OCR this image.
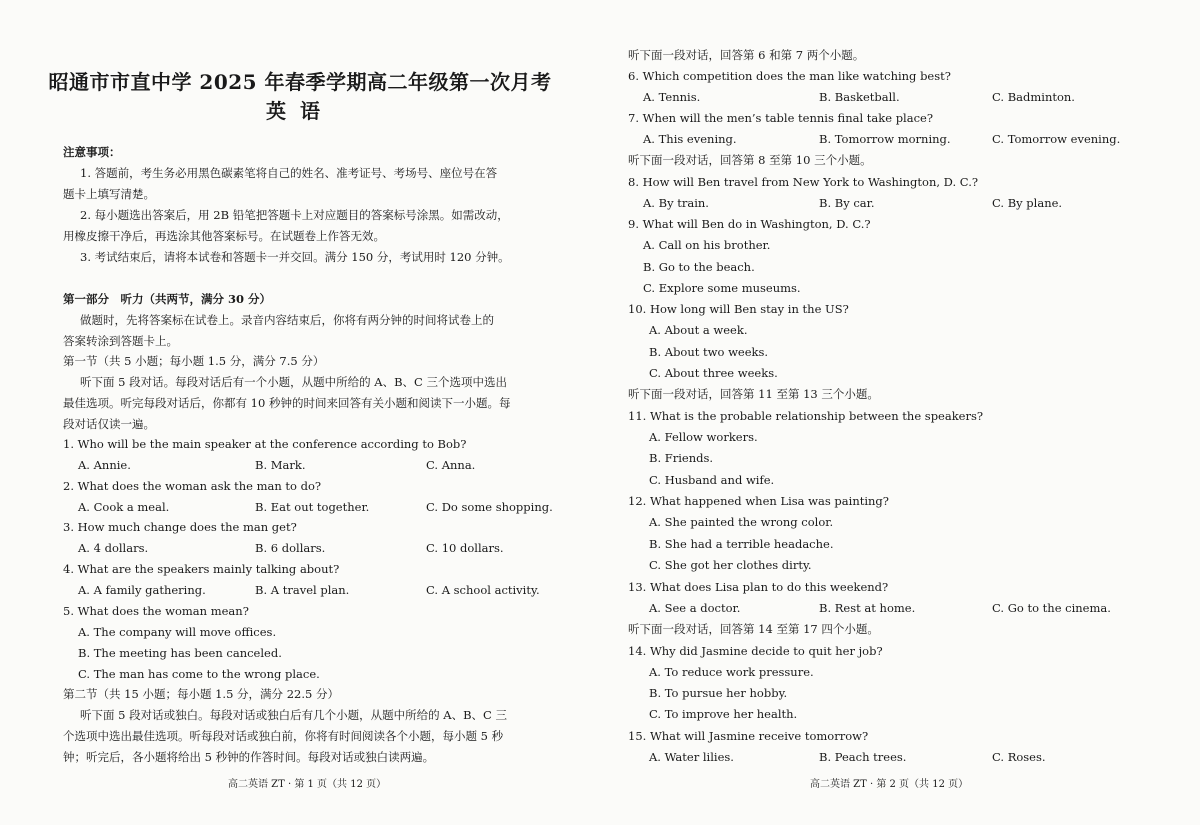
昭通市市直中学 2025 年春季学期高二年级第一次月考
英语
注意事项：
1. 答题前，考生务必用黑色碳素笔将自己的姓名、准考证号、考场号、座位号在答
题卡上填写清楚。
2. 每小题选出答案后，用 2B 铅笔把答题卡上对应题目的答案标号涂黑。如需改动，
用橡皮擦干净后，再选涂其他答案标号。在试题卷上作答无效。
3. 考试结束后，请将本试卷和答题卡一并交回。满分 150 分，考试用时 120 分钟。
第一部分　听力（共两节，满分 30 分）
做题时，先将答案标在试卷上。录音内容结束后，你将有两分钟的时间将试卷上的
答案转涂到答题卡上。
第一节（共 5 小题；每小题 1.5 分，满分 7.5 分）
听下面 5 段对话。每段对话后有一个小题，从题中所给的 A、B、C 三个选项中选出
最佳选项。听完每段对话后，你都有 10 秒钟的时间来回答有关小题和阅读下一小题。每
段对话仅读一遍。
1. Who will be the main speaker at the conference according to Bob?
A. Annie.	B. Mark.	C. Anna.
2. What does the woman ask the man to do?
A. Cook a meal.	B. Eat out together.	C. Do some shopping.
3. How much change does the man get?
A. 4 dollars.	B. 6 dollars.	C. 10 dollars.
4. What are the speakers mainly talking about?
A. A family gathering.	B. A travel plan.	C. A school activity.
5. What does the woman mean?
A. The company will move offices.
B. The meeting has been canceled.
C. The man has come to the wrong place.
第二节（共 15 小题；每小题 1.5 分，满分 22.5 分）
听下面 5 段对话或独白。每段对话或独白后有几个小题，从题中所给的 A、B、C 三
个选项中选出最佳选项。听每段对话或独白前，你将有时间阅读各个小题，每小题 5 秒
钟；听完后，各小题将给出 5 秒钟的作答时间。每段对话或独白读两遍。
高二英语 ZT · 第 1 页（共 12 页）
听下面一段对话，回答第 6 和第 7 两个小题。
6. Which competition does the man like watching best?
A. Tennis.	B. Basketball.	C. Badminton.
7. When will the men’s table tennis final take place?
A. This evening.	B. Tomorrow morning.	C. Tomorrow evening.
听下面一段对话，回答第 8 至第 10 三个小题。
8. How will Ben travel from New York to Washington, D. C.?
A. By train.	B. By car.	C. By plane.
9. What will Ben do in Washington, D. C.?
A. Call on his brother.
B. Go to the beach.
C. Explore some museums.
10. How long will Ben stay in the US?
A. About a week.
B. About two weeks.
C. About three weeks.
听下面一段对话，回答第 11 至第 13 三个小题。
11. What is the probable relationship between the speakers?
A. Fellow workers.
B. Friends.
C. Husband and wife.
12. What happened when Lisa was painting?
A. She painted the wrong color.
B. She had a terrible headache.
C. She got her clothes dirty.
13. What does Lisa plan to do this weekend?
A. See a doctor.	B. Rest at home.	C. Go to the cinema.
听下面一段对话，回答第 14 至第 17 四个小题。
14. Why did Jasmine decide to quit her job?
A. To reduce work pressure.
B. To pursue her hobby.
C. To improve her health.
15. What will Jasmine receive tomorrow?
A. Water lilies.	B. Peach trees.	C. Roses.
高二英语 ZT · 第 2 页（共 12 页）
